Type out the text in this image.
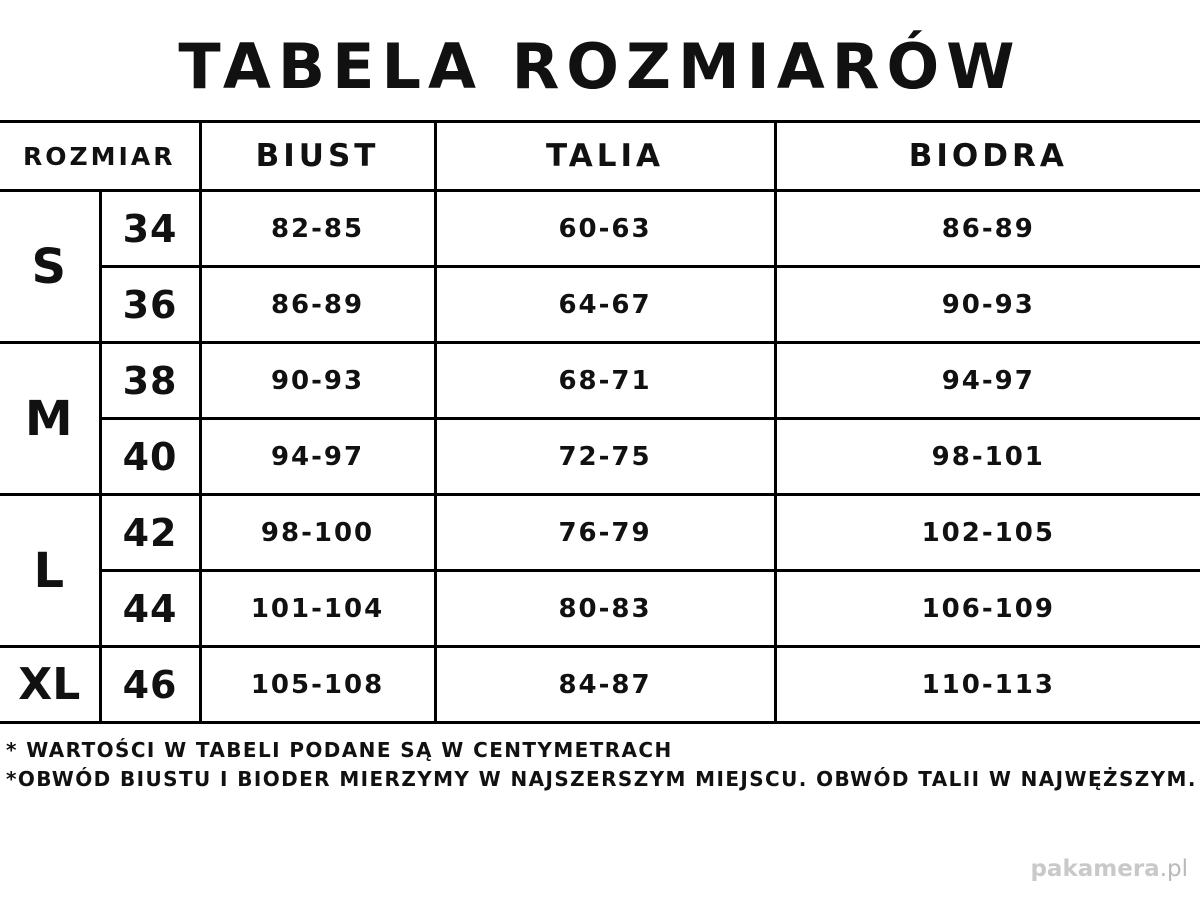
TABELA ROZMIARÓW
ROZMIAR		BIUST	TALIA	BIODRA
S	34	82-85	60-63	86-89
	36	86-89	64-67	90-93
M	38	90-93	68-71	94-97
	40	94-97	72-75	98-101
L	42	98-100	76-79	102-105
	44	101-104	80-83	106-109
XL	46	105-108	84-87	110-113
* WARTOŚCI W TABELI PODANE SĄ W CENTYMETRACH
*OBWÓD BIUSTU I BIODER MIERZYMY W NAJSZERSZYM MIEJSCU. OBWÓD TALII W NAJWĘŻSZYM.
pakamera.pl
